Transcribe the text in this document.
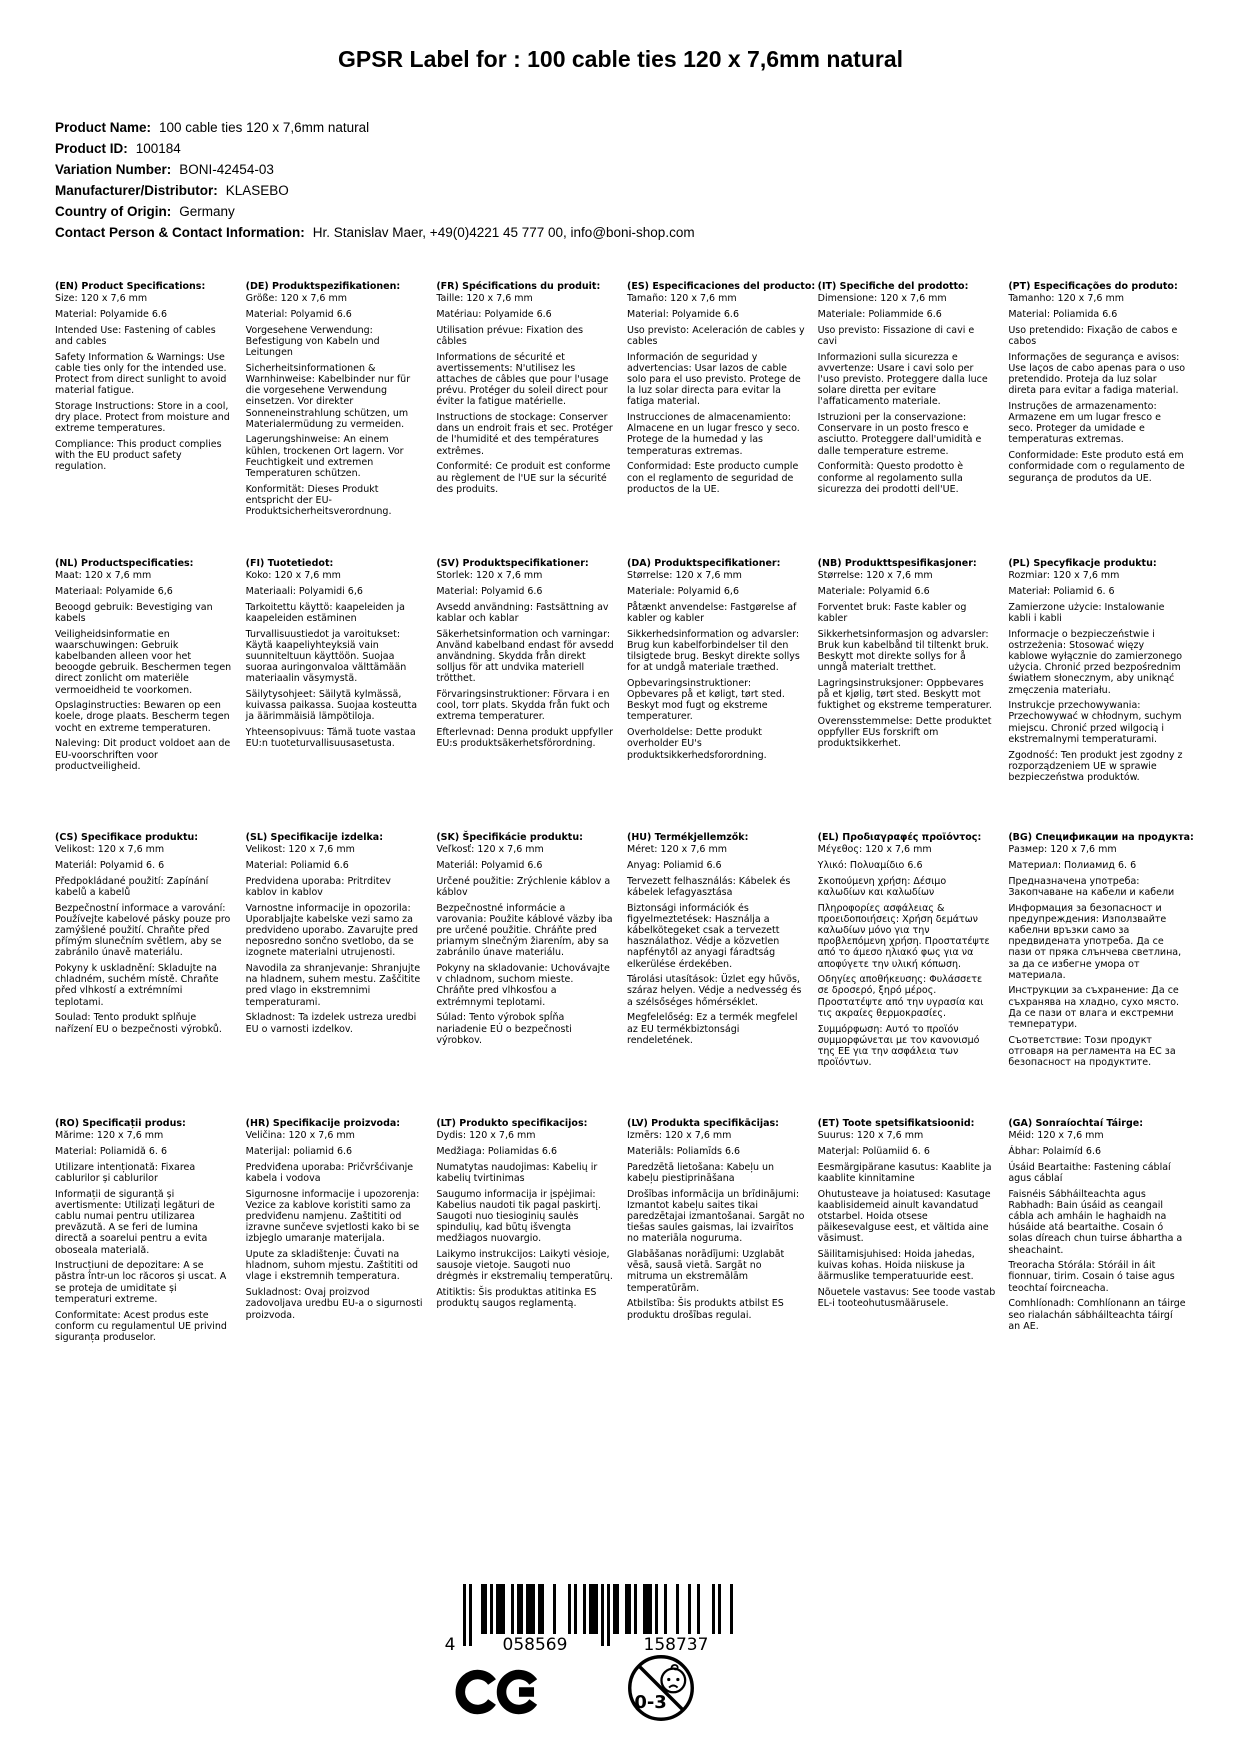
GPSR Label for : 100 cable ties 120 x 7,6mm natural
Product Name: 100 cable ties 120 x 7,6mm natural
Product ID: 100184
Variation Number: BONI-42454-03
Manufacturer/Distributor: KLASEBO
Country of Origin: Germany
Contact Person & Contact Information: Hr. Stanislav Maer, +49(0)4221 45 777 00, info@boni-shop.com
(EN) Product Specifications:
Size: 120 x 7,6 mm
Material: Polyamide 6.6
Intended Use: Fastening of cables and cables
Safety Information & Warnings: Use cable ties only for the intended use. Protect from direct sunlight to avoid material fatigue.
Storage Instructions: Store in a cool, dry place. Protect from moisture and extreme temperatures.
Compliance: This product complies with the EU product safety regulation.
(DE) Produktspezifikationen:
Größe: 120 x 7,6 mm
Material: Polyamid 6.6
Vorgesehene Verwendung: Befestigung von Kabeln und Leitungen
Sicherheitsinformationen & Warnhinweise: Kabelbinder nur für die vorgesehene Verwendung einsetzen. Vor direkter Sonneneinstrahlung schützen, um Materialermüdung zu vermeiden.
Lagerungshinweise: An einem kühlen, trockenen Ort lagern. Vor Feuchtigkeit und extremen Temperaturen schützen.
Konformität: Dieses Produkt entspricht der EU-Produktsicherheitsverordnung.
(FR) Spécifications du produit:
Taille: 120 x 7,6 mm
Matériau: Polyamide 6.6
Utilisation prévue: Fixation des câbles
Informations de sécurité et avertissements: N'utilisez les attaches de câbles que pour l'usage prévu. Protéger du soleil direct pour éviter la fatigue matérielle.
Instructions de stockage: Conserver dans un endroit frais et sec. Protéger de l'humidité et des températures extrêmes.
Conformité: Ce produit est conforme au règlement de l'UE sur la sécurité des produits.
(ES) Especificaciones del producto:
Tamaño: 120 x 7,6 mm
Material: Polyamide 6.6
Uso previsto: Aceleración de cables y cables
Información de seguridad y advertencias: Usar lazos de cable solo para el uso previsto. Protege de la luz solar directa para evitar la fatiga material.
Instrucciones de almacenamiento: Almacene en un lugar fresco y seco. Protege de la humedad y las temperaturas extremas.
Conformidad: Este producto cumple con el reglamento de seguridad de productos de la UE.
(IT) Specifiche del prodotto:
Dimensione: 120 x 7,6 mm
Materiale: Poliammide 6.6
Uso previsto: Fissazione di cavi e cavi
Informazioni sulla sicurezza e avvertenze: Usare i cavi solo per l'uso previsto. Proteggere dalla luce solare diretta per evitare l'affaticamento materiale.
Istruzioni per la conservazione: Conservare in un posto fresco e asciutto. Proteggere dall'umidità e dalle temperature estreme.
Conformità: Questo prodotto è conforme al regolamento sulla sicurezza dei prodotti dell'UE.
(PT) Especificações do produto:
Tamanho: 120 x 7,6 mm
Material: Poliamida 6.6
Uso pretendido: Fixação de cabos e cabos
Informações de segurança e avisos: Use laços de cabo apenas para o uso pretendido. Proteja da luz solar direta para evitar a fadiga material.
Instruções de armazenamento: Armazene em um lugar fresco e seco. Proteger da umidade e temperaturas extremas.
Conformidade: Este produto está em conformidade com o regulamento de segurança de produtos da UE.
(NL) Productspecificaties:
Maat: 120 x 7,6 mm
Materiaal: Polyamide 6,6
Beoogd gebruik: Bevestiging van kabels
Veiligheidsinformatie en waarschuwingen: Gebruik kabelbanden alleen voor het beoogde gebruik. Beschermen tegen direct zonlicht om materiële vermoeidheid te voorkomen.
Opslaginstructies: Bewaren op een koele, droge plaats. Bescherm tegen vocht en extreme temperaturen.
Naleving: Dit product voldoet aan de EU-voorschriften voor productveiligheid.
(FI) Tuotetiedot:
Koko: 120 x 7,6 mm
Materiaali: Polyamidi 6,6
Tarkoitettu käyttö: kaapeleiden ja kaapeleiden estäminen
Turvallisuustiedot ja varoitukset: Käytä kaapeliyhteyksiä vain suunniteltuun käyttöön. Suojaa suoraa auringonvaloa välttämään materiaalin väsymystä.
Säilytysohjeet: Säilytä kylmässä, kuivassa paikassa. Suojaa kosteutta ja äärimmäisiä lämpötiloja.
Yhteensopivuus: Tämä tuote vastaa EU:n tuoteturvallisuusasetusta.
(SV) Produktspecifikationer:
Storlek: 120 x 7,6 mm
Material: Polyamid 6.6
Avsedd användning: Fastsättning av kablar och kablar
Säkerhetsinformation och varningar: Använd kabelband endast för avsedd användning. Skydda från direkt solljus för att undvika materiell trötthet.
Förvaringsinstruktioner: Förvara i en cool, torr plats. Skydda från fukt och extrema temperaturer.
Efterlevnad: Denna produkt uppfyller EU:s produktsäkerhetsförordning.
(DA) Produktspecifikationer:
Størrelse: 120 x 7,6 mm
Materiale: Polyamid 6,6
Påtænkt anvendelse: Fastgørelse af kabler og kabler
Sikkerhedsinformation og advarsler: Brug kun kabelforbindelser til den tilsigtede brug. Beskyt direkte sollys for at undgå materiale træthed.
Opbevaringsinstruktioner: Opbevares på et køligt, tørt sted. Beskyt mod fugt og ekstreme temperaturer.
Overholdelse: Dette produkt overholder EU's produktsikkerhedsforordning.
(NB) Produkttspesifikasjoner:
Størrelse: 120 x 7,6 mm
Materiale: Polyamid 6.6
Forventet bruk: Faste kabler og kabler
Sikkerhetsinformasjon og advarsler: Bruk kun kabelbånd til tiltenkt bruk. Beskytt mot direkte sollys for å unngå materialt tretthet.
Lagringsinstruksjoner: Oppbevares på et kjølig, tørt sted. Beskytt mot fuktighet og ekstreme temperaturer.
Overensstemmelse: Dette produktet oppfyller EUs forskrift om produktsikkerhet.
(PL) Specyfikacje produktu:
Rozmiar: 120 x 7,6 mm
Materiał: Poliamid 6. 6
Zamierzone użycie: Instalowanie kabli i kabli
Informacje o bezpieczeństwie i ostrzeżenia: Stosować więzy kablowe wyłącznie do zamierzonego użycia. Chronić przed bezpośrednim światłem słonecznym, aby uniknąć zmęczenia materiału.
Instrukcje przechowywania: Przechowywać w chłodnym, suchym miejscu. Chronić przed wilgocią i ekstremalnymi temperaturami.
Zgodność: Ten produkt jest zgodny z rozporządzeniem UE w sprawie bezpieczeństwa produktów.
(CS) Specifikace produktu:
Velikost: 120 x 7,6 mm
Materiál: Polyamid 6. 6
Předpokládané použití: Zapínání kabelů a kabelů
Bezpečnostní informace a varování: Používejte kabelové pásky pouze pro zamýšlené použití. Chraňte před přímým slunečním světlem, aby se zabránilo únavě materiálu.
Pokyny k uskladnění: Skladujte na chladném, suchém místě. Chraňte před vlhkostí a extrémními teplotami.
Soulad: Tento produkt splňuje nařízení EU o bezpečnosti výrobků.
(SL) Specifikacije izdelka:
Velikost: 120 x 7,6 mm
Material: Poliamid 6.6
Predvidena uporaba: Pritrditev kablov in kablov
Varnostne informacije in opozorila: Uporabljajte kabelske vezi samo za predvideno uporabo. Zavarujte pred neposredno sončno svetlobo, da se izognete materialni utrujenosti.
Navodila za shranjevanje: Shranjujte na hladnem, suhem mestu. Zaščitite pred vlago in ekstremnimi temperaturami.
Skladnost: Ta izdelek ustreza uredbi EU o varnosti izdelkov.
(SK) Špecifikácie produktu:
Veľkosť: 120 x 7,6 mm
Materiál: Polyamid 6.6
Určené použitie: Zrýchlenie káblov a káblov
Bezpečnostné informácie a varovania: Použite káblové väzby iba pre určené použitie. Chráňte pred priamym slnečným žiarením, aby sa zabránilo únave materiálu.
Pokyny na skladovanie: Uchovávajte v chladnom, suchom mieste. Chráňte pred vlhkosťou a extrémnymi teplotami.
Súlad: Tento výrobok spĺňa nariadenie EÚ o bezpečnosti výrobkov.
(HU) Termékjellemzők:
Méret: 120 x 7,6 mm
Anyag: Poliamid 6.6
Tervezett felhasználás: Kábelek és kábelek lefagyasztása
Biztonsági információk és figyelmeztetések: Használja a kábelkötegeket csak a tervezett használathoz. Védje a közvetlen napfénytől az anyagi fáradtság elkerülése érdekében.
Tárolási utasítások: Üzlet egy hűvös, száraz helyen. Védje a nedvesség és a szélsőséges hőmérséklet.
Megfelelőség: Ez a termék megfelel az EU termékbiztonsági rendeletének.
(EL) Προδιαγραφές προϊόντος:
Μέγεθος: 120 x 7,6 mm
Υλικό: Πολυαμίδιο 6.6
Σκοπούμενη χρήση: Δέσιμο καλωδίων και καλωδίων
Πληροφορίες ασφάλειας & προειδοποιήσεις: Χρήση δεμάτων καλωδίων μόνο για την προβλεπόμενη χρήση. Προστατέψτε από το άμεσο ηλιακό φως για να αποφύγετε την υλική κόπωση.
Οδηγίες αποθήκευσης: Φυλάσσετε σε δροσερό, ξηρό μέρος. Προστατέψτε από την υγρασία και τις ακραίες θερμοκρασίες.
Συμμόρφωση: Αυτό το προϊόν συμμορφώνεται με τον κανονισμό της ΕΕ για την ασφάλεια των προϊόντων.
(BG) Спецификации на продукта:
Размер: 120 x 7,6 mm
Материал: Полиамид 6. 6
Предназначена употреба: Закопчаване на кабели и кабели
Информация за безопасност и предупреждения: Използвайте кабелни връзки само за предвидената употреба. Да се пази от пряка слънчева светлина, за да се избегне умора от материала.
Инструкции за съхранение: Да се съхранява на хладно, сухо място. Да се пази от влага и екстремни температури.
Съответствие: Този продукт отговаря на регламента на ЕС за безопасност на продуктите.
(RO) Specificații produs:
Mărime: 120 x 7,6 mm
Material: Poliamidă 6. 6
Utilizare intenționată: Fixarea cablurilor și cablurilor
Informații de siguranță și avertismente: Utilizați legături de cablu numai pentru utilizarea prevăzută. A se feri de lumina directă a soarelui pentru a evita oboseala materială.
Instrucțiuni de depozitare: A se păstra într-un loc răcoros și uscat. A se proteja de umiditate și temperaturi extreme.
Conformitate: Acest produs este conform cu regulamentul UE privind siguranța produselor.
(HR) Specifikacije proizvoda:
Veličina: 120 x 7,6 mm
Materijal: poliamid 6.6
Predviđena uporaba: Pričvršćivanje kabela i vodova
Sigurnosne informacije i upozorenja: Vezice za kablove koristiti samo za predviđenu namjenu. Zaštititi od izravne sunčeve svjetlosti kako bi se izbjeglo umaranje materijala.
Upute za skladištenje: Čuvati na hladnom, suhom mjestu. Zaštititi od vlage i ekstremnih temperatura.
Sukladnost: Ovaj proizvod zadovoljava uredbu EU-a o sigurnosti proizvoda.
(LT) Produkto specifikacijos:
Dydis: 120 x 7,6 mm
Medžiaga: Poliamidas 6.6
Numatytas naudojimas: Kabelių ir kabelių tvirtinimas
Saugumo informacija ir įspėjimai: Kabelius naudoti tik pagal paskirtį. Saugoti nuo tiesioginių saulės spindulių, kad būtų išvengta medžiagos nuovargio.
Laikymo instrukcijos: Laikyti vėsioje, sausoje vietoje. Saugoti nuo drėgmės ir ekstremalių temperatūrų.
Atitiktis: Šis produktas atitinka ES produktų saugos reglamentą.
(LV) Produkta specifikācijas:
Izmērs: 120 x 7,6 mm
Materiāls: Poliamīds 6.6
Paredzētā lietošana: Kabeļu un kabeļu piestiprināšana
Drošības informācija un brīdinājumi: Izmantot kabeļu saites tikai paredzētajai izmantošanai. Sargāt no tiešas saules gaismas, lai izvairītos no materiāla noguruma.
Glabāšanas norādījumi: Uzglabāt vēsā, sausā vietā. Sargāt no mitruma un ekstremālām temperatūrām.
Atbilstība: Šis produkts atbilst ES produktu drošības regulai.
(ET) Toote spetsifikatsioonid:
Suurus: 120 x 7,6 mm
Materjal: Polüamiid 6. 6
Eesmärgipärane kasutus: Kaablite ja kaablite kinnitamine
Ohutusteave ja hoiatused: Kasutage kaablisidemeid ainult kavandatud otstarbel. Hoida otsese päikesevalguse eest, et vältida aine väsimust.
Säilitamisjuhised: Hoida jahedas, kuivas kohas. Hoida niiskuse ja äärmuslike temperatuuride eest.
Nõuetele vastavus: See toode vastab EL-i tooteohutusmäärusele.
(GA) Sonraíochtaí Táirge:
Méid: 120 x 7,6 mm
Ábhar: Polaimíd 6.6
Úsáid Beartaithe: Fastening cáblaí agus cáblaí
Faisnéis Sábháilteachta agus Rabhadh: Bain úsáid as ceangail cábla ach amháin le haghaidh na húsáide atá beartaithe. Cosain ó solas díreach chun tuirse ábhartha a sheachaint.
Treoracha Stórála: Stóráil in áit fionnuar, tirim. Cosain ó taise agus teochtaí foircneacha.
Comhlíonadh: Comhlíonann an táirge seo rialachán sábháilteachta táirgí an AE.
4	058569	158737
0-3
